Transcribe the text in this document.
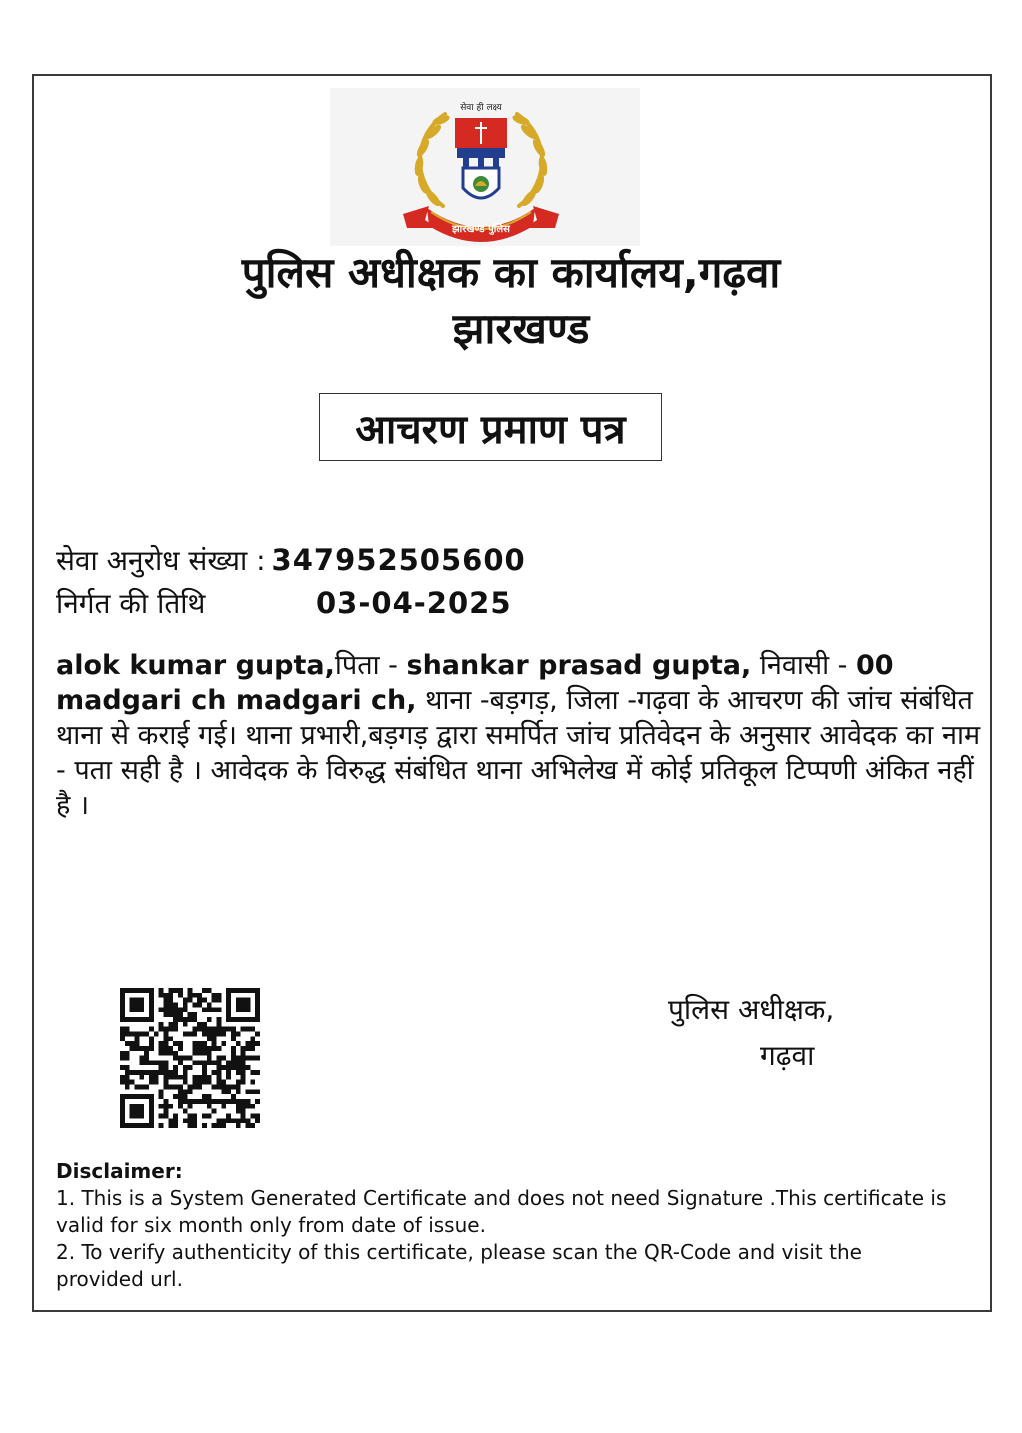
सेवा ही लक्ष्य
झारखण्ड पुलिस
पुलिस अधीक्षक का कार्यालय,गढ़वा
झारखण्ड
आचरण प्रमाण पत्र
सेवा अनुरोध संख्या : 347952505600
निर्गत की तिथि	03-04-2025
alok kumar gupta,पिता - shankar prasad gupta, निवासी - 00 madgari ch madgari ch, थाना -बड़गड़, जिला -गढ़वा के आचरण की जांच संबंधित थाना से कराई गई। थाना प्रभारी,बड़गड़ द्वारा समर्पित जांच प्रतिवेदन के अनुसार आवेदक का नाम - पता सही है । आवेदक के विरुद्ध संबंधित थाना अभिलेख में कोई प्रतिकूल टिप्पणी अंकित नहीं है ।
पुलिस अधीक्षक,
गढ़वा
Disclaimer:
1. This is a System Generated Certificate and does not need Signature .This certificate is valid for six month only from date of issue.
2. To verify authenticity of this certificate, please scan the QR-Code and visit the provided url.
